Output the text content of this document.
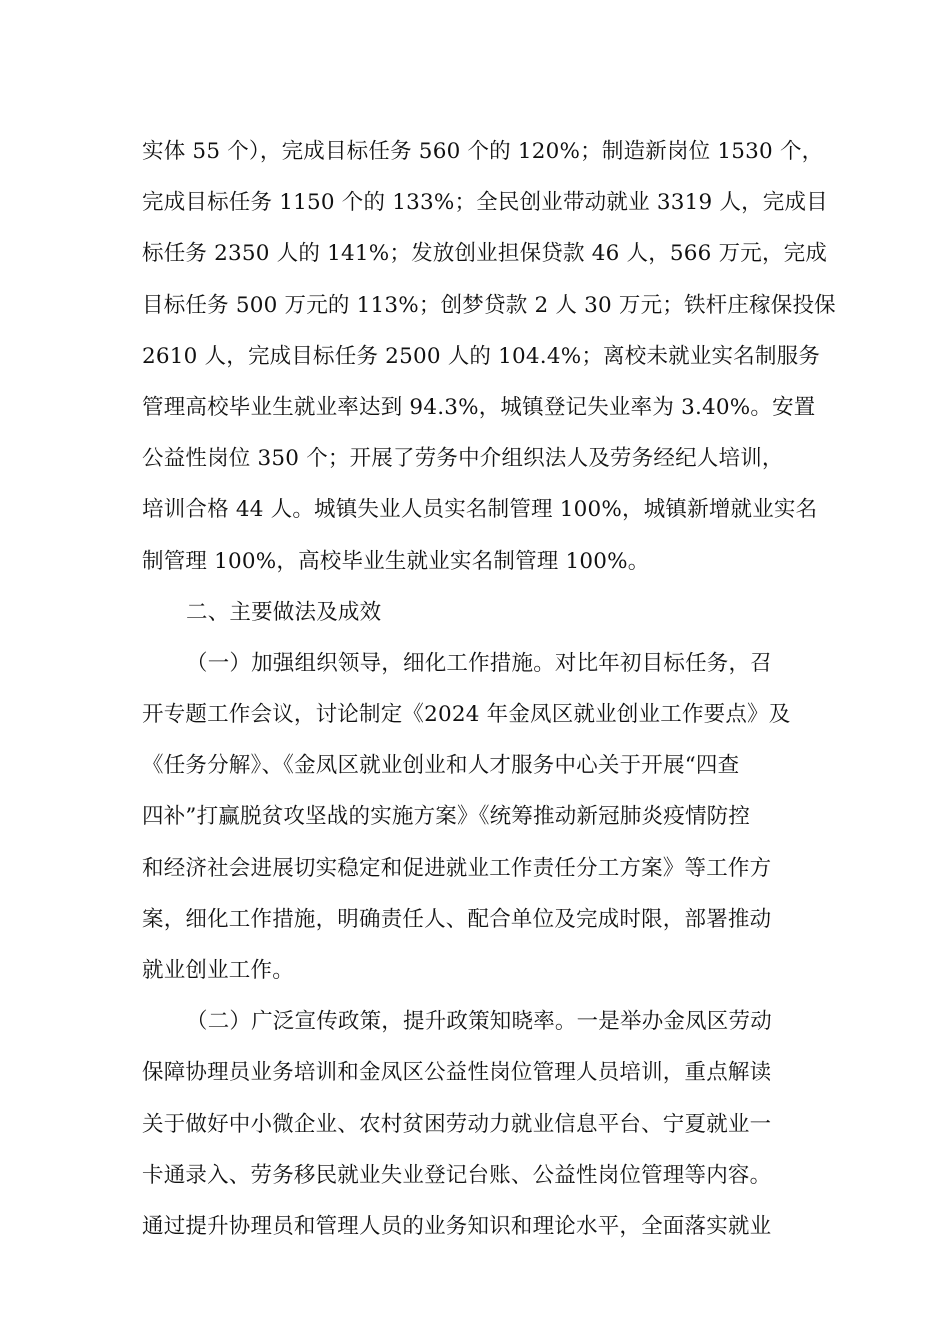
实体 55 个），完成目标任务 560 个的 120%；制造新岗位 1530 个，
完成目标任务 1150 个的 133%；全民创业带动就业 3319 人，完成目
标任务 2350 人的 141%；发放创业担保贷款 46 人，566 万元，完成
目标任务 500 万元的 113%；创梦贷款 2 人 30 万元；铁杆庄稼保投保
2610 人，完成目标任务 2500 人的 104.4%；离校未就业实名制服务
管理高校毕业生就业率达到 94.3%，城镇登记失业率为 3.40%。安置
公益性岗位 350 个；开展了劳务中介组织法人及劳务经纪人培训，
培训合格 44 人。城镇失业人员实名制管理 100%，城镇新增就业实名
制管理 100%，高校毕业生就业实名制管理 100%。
二、主要做法及成效
（一）加强组织领导，细化工作措施。对比年初目标任务，召
开专题工作会议，讨论制定《2024 年金凤区就业创业工作要点》及
《任务分解》、《金凤区就业创业和人才服务中心关于开展“四查
四补”打赢脱贫攻坚战的实施方案》《统筹推动新冠肺炎疫情防控
和经济社会进展切实稳定和促进就业工作责任分工方案》等工作方
案，细化工作措施，明确责任人、配合单位及完成时限，部署推动
就业创业工作。
（二）广泛宣传政策，提升政策知晓率。一是举办金凤区劳动
保障协理员业务培训和金凤区公益性岗位管理人员培训，重点解读
关于做好中小微企业、农村贫困劳动力就业信息平台、宁夏就业一
卡通录入、劳务移民就业失业登记台账、公益性岗位管理等内容。
通过提升协理员和管理人员的业务知识和理论水平，全面落实就业
